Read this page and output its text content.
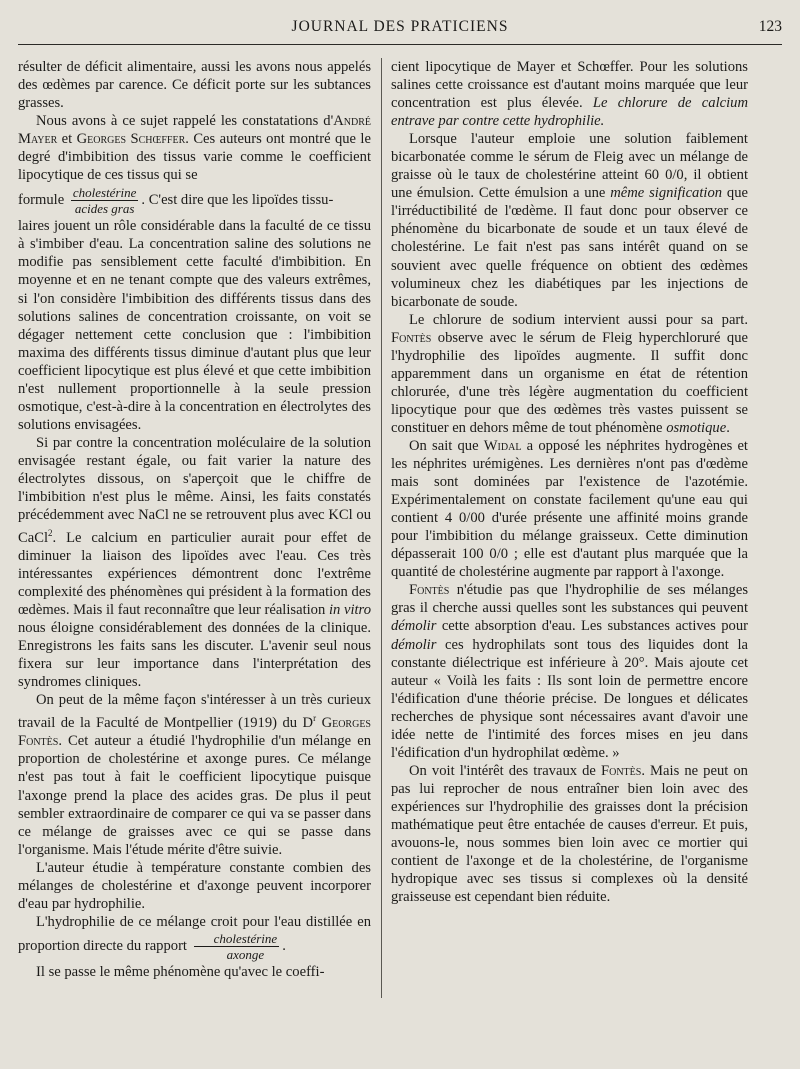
JOURNAL DES PRATICIENS	123

résulter de déficit alimentaire, aussi les avons nous appelés des œdèmes par carence. Ce déficit porte sur les subtances grasses.

Nous avons à ce sujet rappelé les constatations d'André Mayer et Georges Schœffer. Ces auteurs ont montré que le degré d'imbibition des tissus varie comme le coefficient lipocytique de ces tissus qui se

formule $\frac{\text{cholestérine}}{\text{acides gras}}$ . C'est dire que les lipoïdes tissu-

laires jouent un rôle considérable dans la faculté de ce tissu à s'imbiber d'eau. La concentration saline des solutions ne modifie pas sensiblement cette faculté d'imbibition. En moyenne et en ne tenant compte que des valeurs extrêmes, si l'on considère l'imbibition des différents tissus dans des solutions salines de concentration croissante, on voit se dégager nettement cette conclusion que : l'imbibition maxima des différents tissus diminue d'autant plus que leur coefficient lipocytique est plus élevé et que cette imbibition n'est nullement proportionnelle à la seule pression osmotique, c'est-à-dire à la concentration en électrolytes des solutions envisagées.

Si par contre la concentration moléculaire de la solution envisagée restant égale, ou fait varier la nature des électrolytes dissous, on s'aperçoit que le chiffre de l'imbibition n'est plus le même. Ainsi, les faits constatés précédemment avec NaCl ne se retrouvent plus avec KCl ou CaCl$^2$. Le calcium en particulier aurait pour effet de diminuer la liaison des lipoïdes avec l'eau. Ces très intéressantes expériences démontrent donc l'extrême complexité des phénomènes qui président à la formation des œdèmes. Mais il faut reconnaître que leur réalisation in vitro nous éloigne considérablement des données de la clinique. Enregistrons les faits sans les discuter. L'avenir seul nous fixera sur leur importance dans l'interprétation des syndromes cliniques.

On peut de la même façon s'intéresser à un très curieux travail de la Faculté de Montpellier (1919) du $D^r$ Georges Fontès. Cet auteur a étudié l'hydrophilie d'un mélange en proportion de cholestérine et axonge pures. Ce mélange n'est pas tout à fait le coefficient lipocytique puisque l'axonge prend la place des acides gras. De plus il peut sembler extraordinaire de comparer ce qui va se passer dans ce mélange de graisses avec ce qui se passe dans l'organisme. Mais l'étude mérite d'être suivie.

L'auteur étudie à température constante combien des mélanges de cholestérine et d'axonge peuvent incorporer d'eau par hydrophilie.

L'hydrophilie de ce mélange croit pour l'eau distillée en proportion directe du rapport $\frac{\text{cholestérine}}{\text{axonge}}$ .

Il se passe le même phénomène qu'avec le coeffi-

cient lipocytique de Mayer et Schœffer. Pour les solutions salines cette croissance est d'autant moins marquée que leur concentration est plus élevée. Le chlorure de calcium entrave par contre cette hydrophilie.

Lorsque l'auteur emploie une solution faiblement bicarbonatée comme le sérum de Fleig avec un mélange de graisse où le taux de cholestérine atteint 60 0/0, il obtient une émulsion. Cette émulsion a une même signification que l'irréductibilité de l'œdème. Il faut donc pour observer ce phénomène du bicarbonate de soude et un taux élevé de cholestérine. Le fait n'est pas sans intérêt quand on se souvient avec quelle fréquence on obtient des œdèmes volumineux chez les diabétiques par les injections de bicarbonate de soude.

Le chlorure de sodium intervient aussi pour sa part. Fontès observe avec le sérum de Fleig hyperchloruré que l'hydrophilie des lipoïdes augmente. Il suffit donc apparemment dans un organisme en état de rétention chlorurée, d'une très légère augmentation du coefficient lipocytique pour que des œdèmes très vastes puissent se constituer en dehors même de tout phénomène osmotique.

On sait que Widal a opposé les néphrites hydrogènes et les néphrites urémigènes. Les dernières n'ont pas d'œdème mais sont dominées par l'existence de l'azotémie. Expérimentalement on constate facilement qu'une eau qui contient 4 0/00 d'urée présente une affinité moins grande pour l'imbibition du mélange graisseux. Cette diminution dépasserait 100 0/0 ; elle est d'autant plus marquée que la quantité de cholestérine augmente par rapport à l'axonge.

Fontès n'étudie pas que l'hydrophilie de ses mélanges gras il cherche aussi quelles sont les substances qui peuvent démolir cette absorption d'eau. Les substances actives pour démolir ces hydrophilats sont tous des liquides dont la constante diélectrique est inférieure à 20°. Mais ajoute cet auteur « Voilà les faits : Ils sont loin de permettre encore l'édification d'une théorie précise. De longues et délicates recherches de physique sont nécessaires avant d'avoir une idée nette de l'intimité des forces mises en jeu dans l'édification d'un hydrophilat œdème. »

On voit l'intérêt des travaux de Fontès. Mais ne peut on pas lui reprocher de nous entraîner bien loin avec des expériences sur l'hydrophilie des graisses dont la précision mathématique peut être entachée de causes d'erreur. Et puis, avouons-le, nous sommes bien loin avec ce mortier qui contient de l'axonge et de la cholestérine, de l'organisme hydropique avec ses tissus si complexes où la densité graisseuse est cependant bien réduite.
